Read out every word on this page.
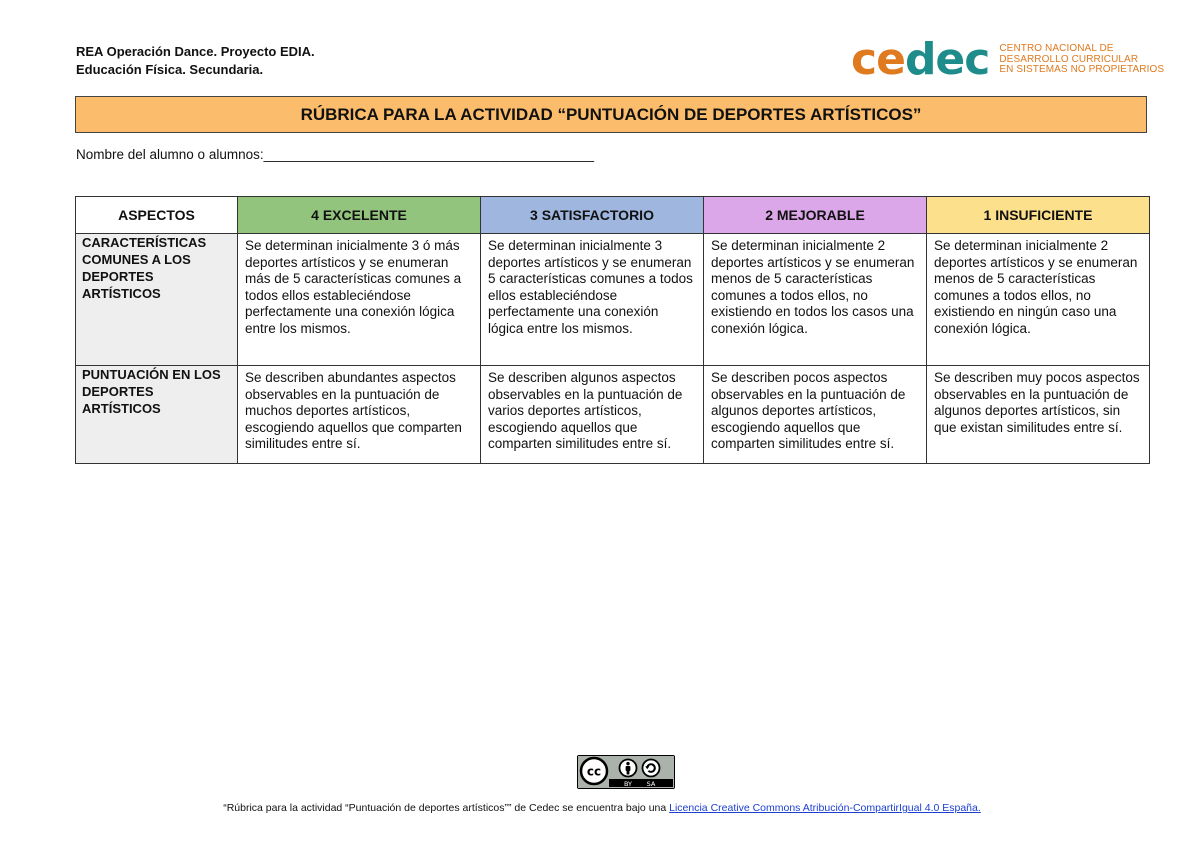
REA Operación Dance. Proyecto EDIA.
Educación Física. Secundaria.	cedec CENTRO NACIONAL DE
DESARROLLO CURRICULAR
EN SISTEMAS NO PROPIETARIOS
RÚBRICA PARA LA ACTIVIDAD “PUNTUACIÓN DE DEPORTES ARTÍSTICOS”
Nombre del alumno o alumnos:____________________________________________
ASPECTOS	4 EXCELENTE	3 SATISFACTORIO	2 MEJORABLE	1 INSUFICIENTE
CARACTERÍSTICAS COMUNES A LOS DEPORTES ARTÍSTICOS	Se determinan inicialmente 3 ó más deportes artísticos y se enumeran más de 5 características comunes a todos ellos estableciéndose perfectamente una conexión lógica entre los mismos.	Se determinan inicialmente 3 deportes artísticos y se enumeran 5 características comunes a todos ellos estableciéndose perfectamente una conexión lógica entre los mismos.	Se determinan inicialmente 2 deportes artísticos y se enumeran menos de 5 características comunes a todos ellos, no existiendo en todos los casos una conexión lógica.	Se determinan inicialmente 2 deportes artísticos y se enumeran menos de 5 características comunes a todos ellos, no existiendo en ningún caso una conexión lógica.
PUNTUACIÓN EN LOS DEPORTES ARTÍSTICOS	Se describen abundantes aspectos observables en la puntuación de muchos deportes artísticos, escogiendo aquellos que comparten similitudes entre sí.	Se describen algunos aspectos observables en la puntuación de varios deportes artísticos, escogiendo aquellos que comparten similitudes entre sí.	Se describen pocos aspectos observables en la puntuación de algunos deportes artísticos, escogiendo aquellos que comparten similitudes entre sí.	Se describen muy pocos aspectos observables en la puntuación de algunos deportes artísticos, sin que existan similitudes entre sí.
cc
BY SA
“Rúbrica para la actividad “Puntuación de deportes artísticos”” de Cedec se encuentra bajo una Licencia Creative Commons Atribución-CompartirIgual 4.0 España.
